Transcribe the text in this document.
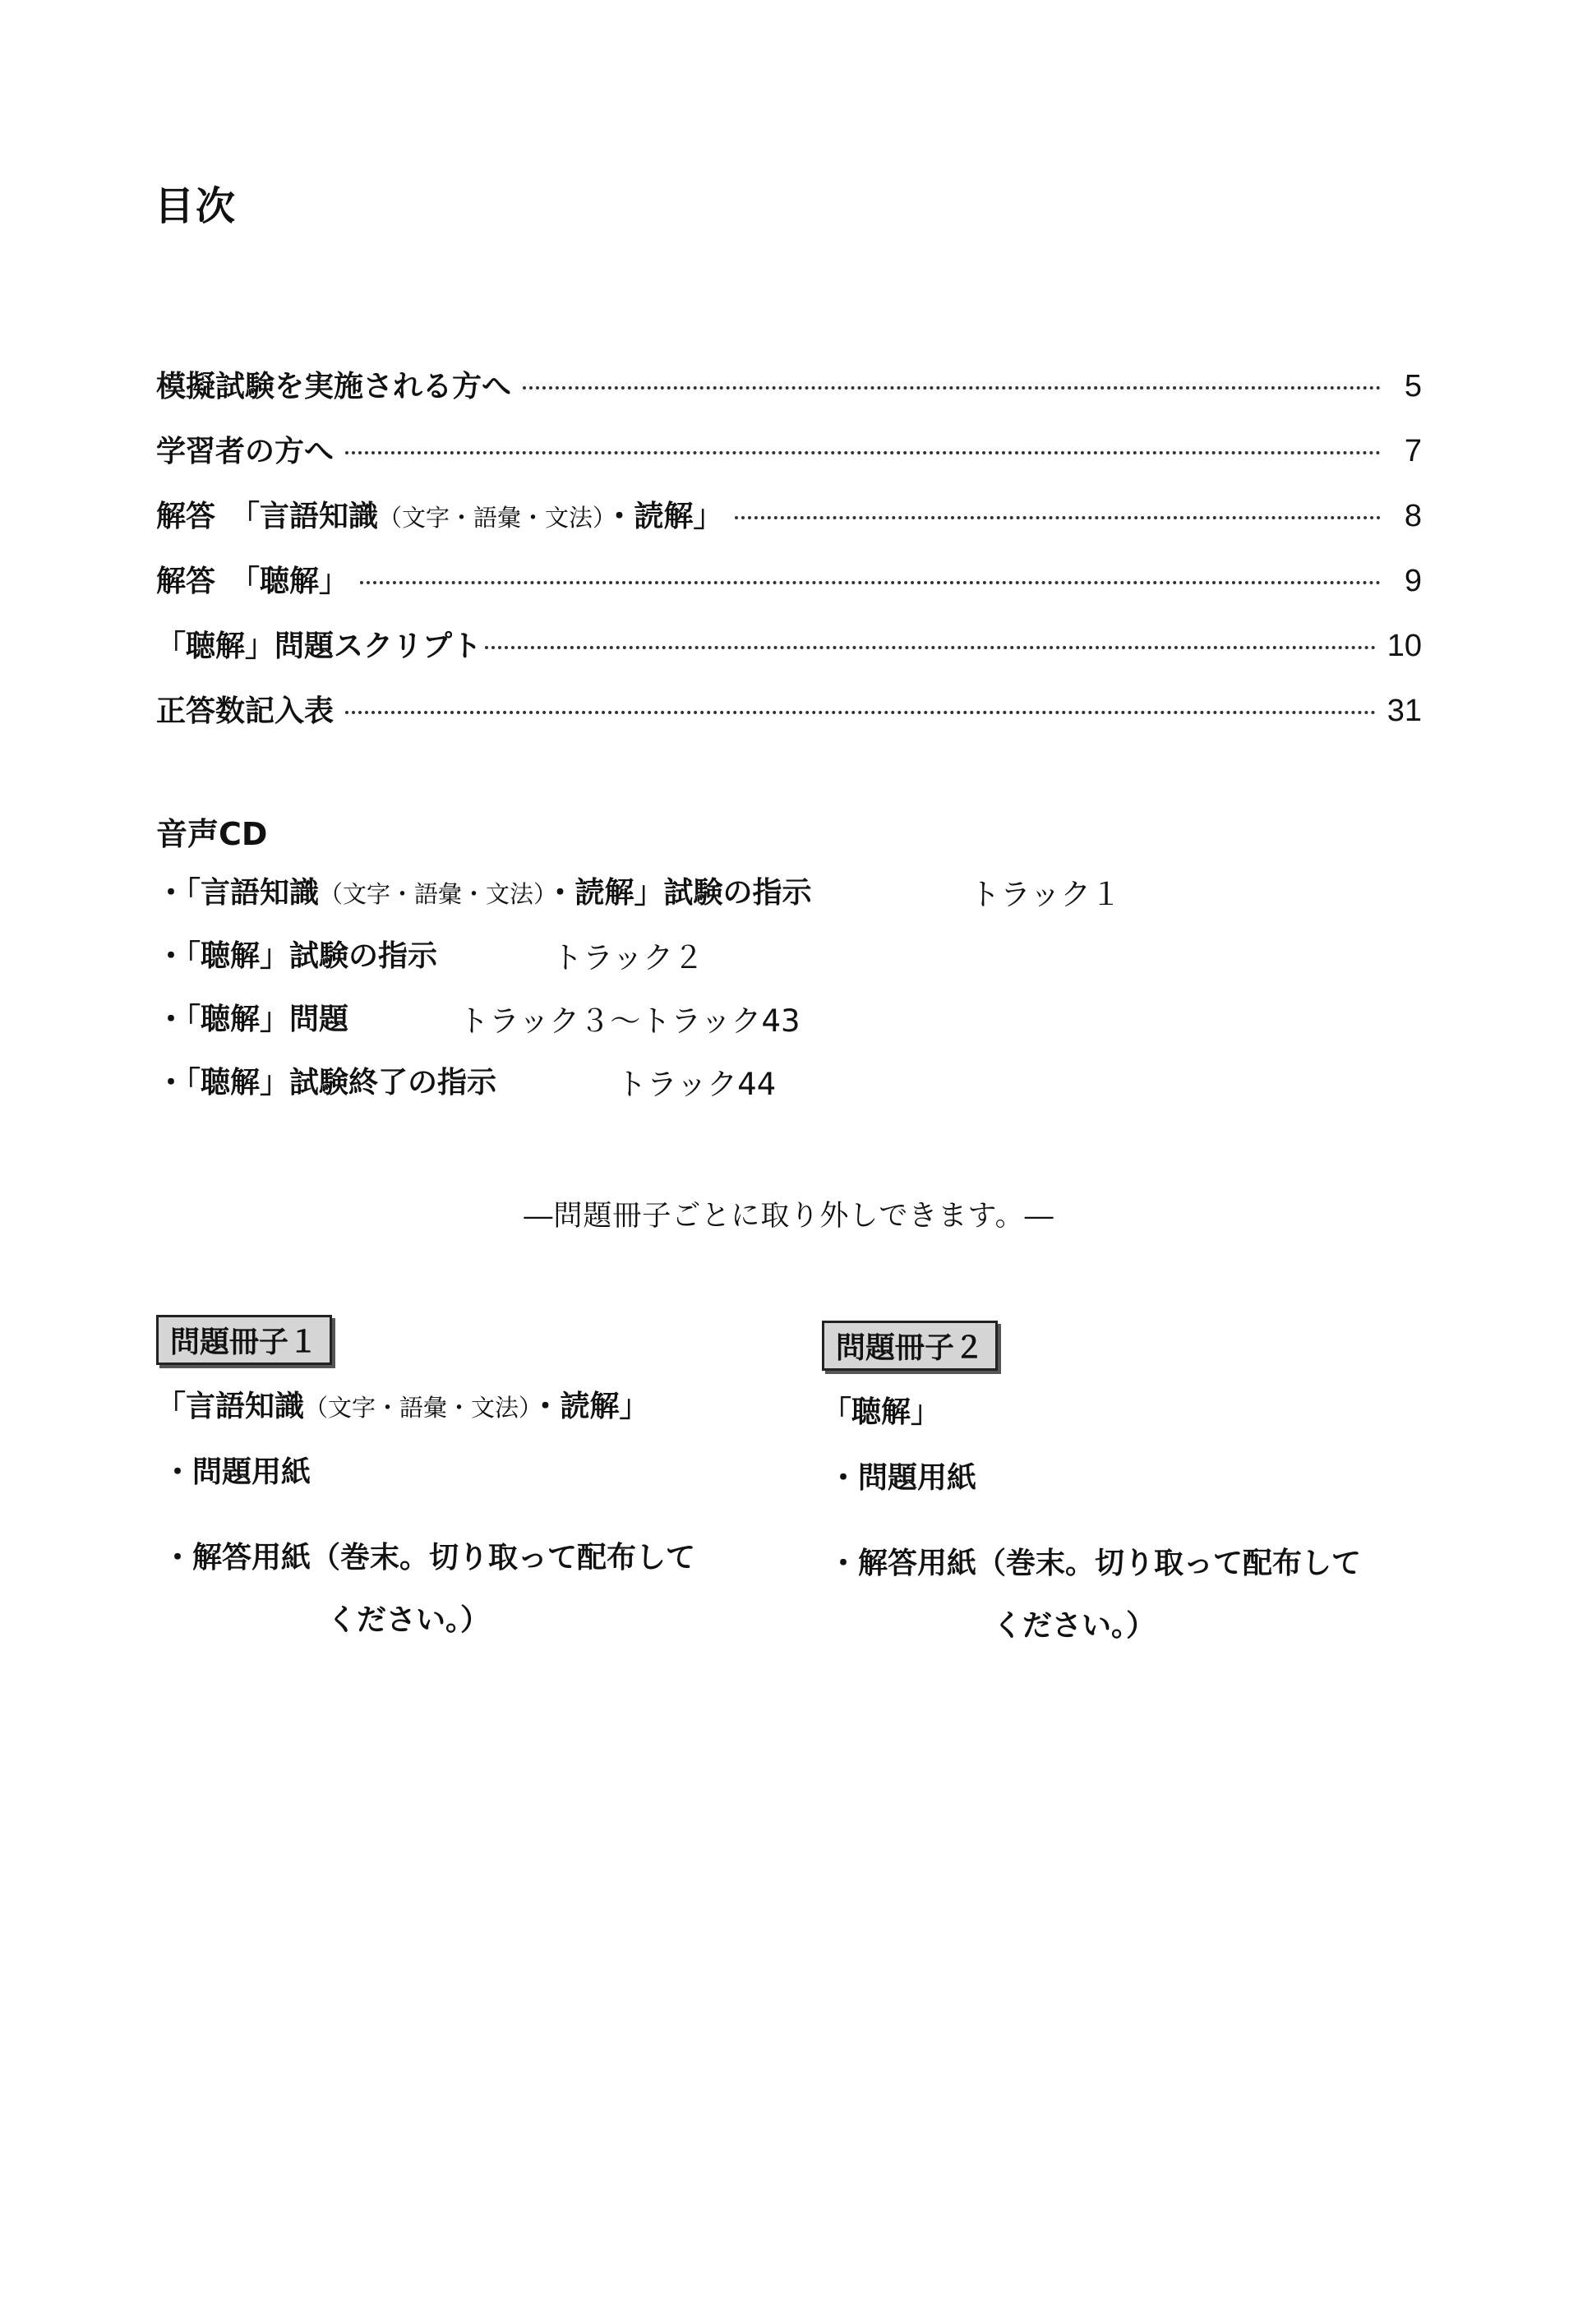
目次
模擬試験を実施される方へ	5
学習者の方へ	7
解答　「言語知識（文字・語彙・文法）・読解」	8
解答　「聴解」	9
「聴解」問題スクリプト	10
正答数記入表	31
音声CD
・「言語知識（文字・語彙・文法）・読解」試験の指示	トラック１
・「聴解」試験の指示	トラック２
・「聴解」問題	トラック３～トラック43
・「聴解」試験終了の指示	トラック44
―問題冊子ごとに取り外しできます。―
問題冊子１
「言語知識（文字・語彙・文法）・読解」
・問題用紙
・解答用紙（巻末。切り取って配布して
ください。）
問題冊子２
「聴解」
・問題用紙
・解答用紙（巻末。切り取って配布して
ください。）
